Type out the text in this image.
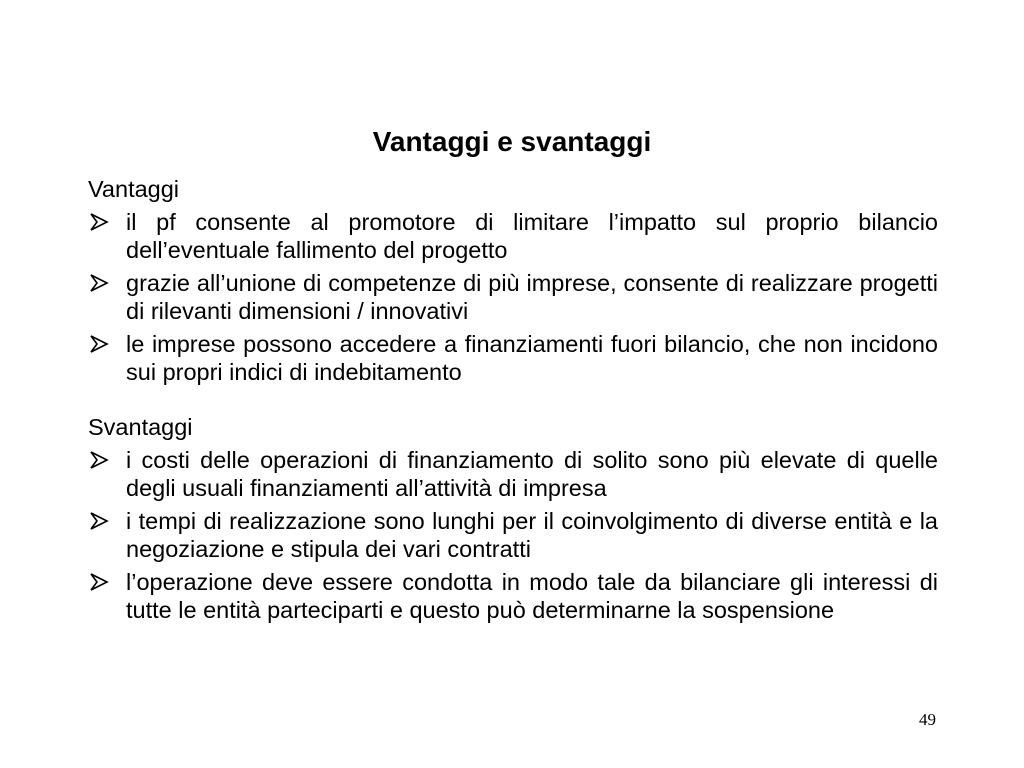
Vantaggi e svantaggi

Vantaggi

il pf consente al promotore di limitare l’impatto sul proprio bilancio dell’eventuale fallimento del progetto
grazie all’unione di competenze di più imprese, consente di realizzare progetti di rilevanti dimensioni / innovativi
le imprese possono accedere a finanziamenti fuori bilancio, che non incidono sui propri indici di indebitamento

Svantaggi

i costi delle operazioni di finanziamento di solito sono più elevate di quelle degli usuali finanziamenti all’attività di impresa
i tempi di realizzazione sono lunghi per il coinvolgimento di diverse entità e la negoziazione e stipula dei vari contratti
l’operazione deve essere condotta in modo tale da bilanciare gli interessi di tutte le entità parteciparti e questo può determinarne la sospensione
49
